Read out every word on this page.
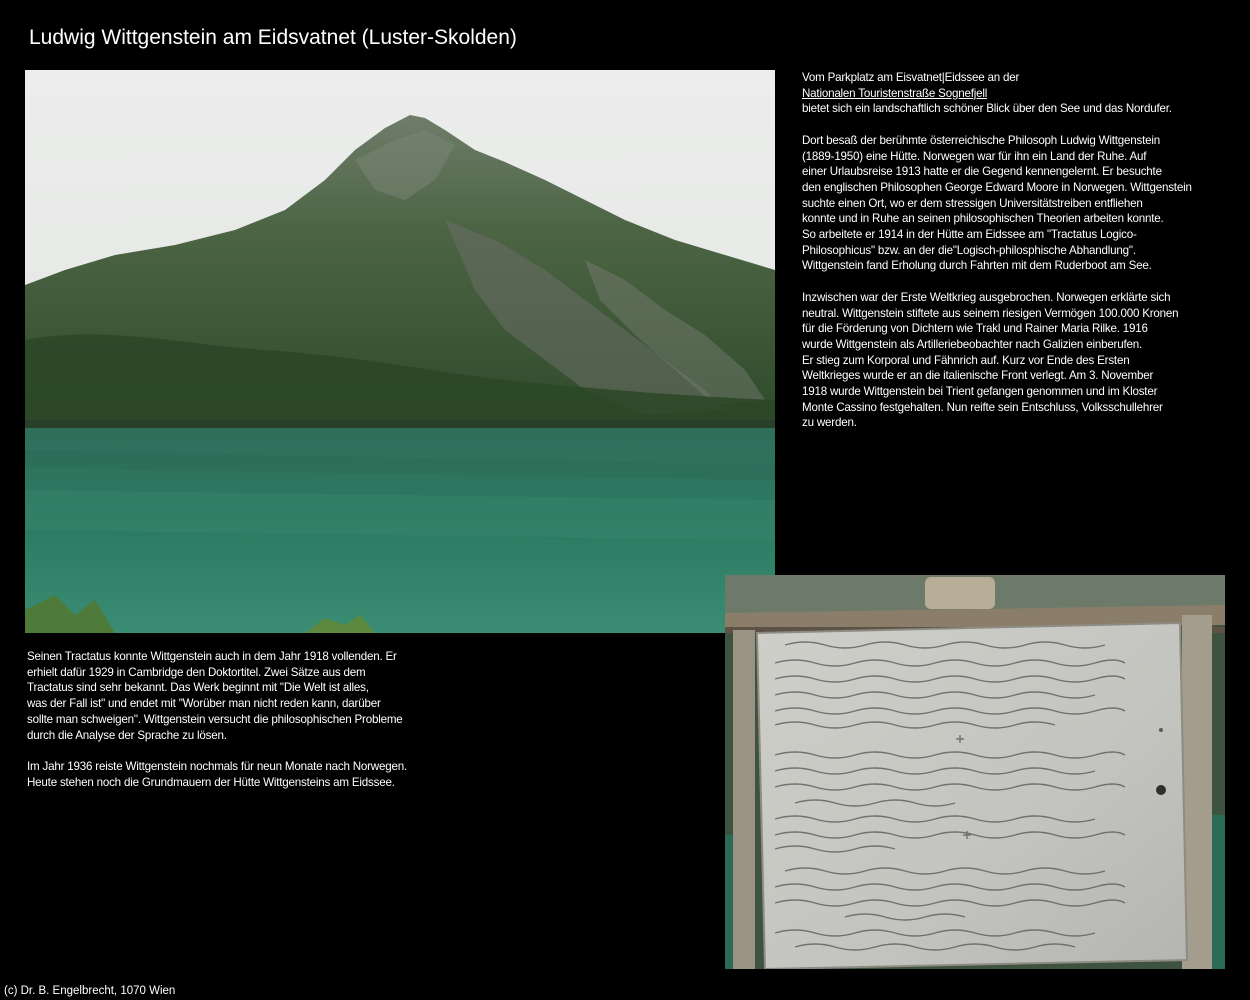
Ludwig Wittgenstein am Eidsvatnet (Luster-Skolden)

Vom Parkplatz am Eisvatnet|Eidssee an der
Nationalen Touristenstraße Sognefjell
bietet sich ein landschaftlich schöner Blick über den See und das Nordufer.

Dort besaß der berühmte österreichische Philosoph Ludwig Wittgenstein
(1889-1950) eine Hütte. Norwegen war für ihn ein Land der Ruhe. Auf
einer Urlaubsreise 1913 hatte er die Gegend kennengelernt. Er besuchte
den englischen Philosophen George Edward Moore in Norwegen. Wittgenstein
suchte einen Ort, wo er dem stressigen Universitätstreiben entfliehen
konnte und in Ruhe an seinen philosophischen Theorien arbeiten konnte.
So arbeitete er 1914 in der Hütte am Eidssee am "Tractatus Logico-
Philosophicus" bzw. an der die"Logisch-philosphische Abhandlung".
Wittgenstein fand Erholung durch Fahrten mit dem Ruderboot am See.

Inzwischen war der Erste Weltkrieg ausgebrochen. Norwegen erklärte sich
neutral. Wittgenstein stiftete aus seinem riesigen Vermögen 100.000 Kronen
für die Förderung von Dichtern wie Trakl und Rainer Maria Rilke. 1916
wurde Wittgenstein als Artilleriebeobachter nach Galizien einberufen.
Er stieg zum Korporal und Fähnrich auf. Kurz vor Ende des Ersten
Weltkrieges wurde er an die italienische Front verlegt. Am 3. November
1918 wurde Wittgenstein bei Trient gefangen genommen und im Kloster
Monte Cassino festgehalten. Nun reifte sein Entschluss, Volksschullehrer
zu werden.

Seinen Tractatus konnte Wittgenstein auch in dem Jahr 1918 vollenden. Er
erhielt dafür 1929 in Cambridge den Doktortitel. Zwei Sätze aus dem
Tractatus sind sehr bekannt. Das Werk beginnt mit "Die Welt ist alles,
was der Fall ist" und endet mit "Worüber man nicht reden kann, darüber
sollte man schweigen". Wittgenstein versucht die philosophischen Probleme
durch die Analyse der Sprache zu lösen.

Im Jahr 1936 reiste Wittgenstein nochmals für neun Monate nach Norwegen.
Heute stehen noch die Grundmauern der Hütte Wittgensteins am Eidssee.

(c) Dr. B. Engelbrecht, 1070 Wien
